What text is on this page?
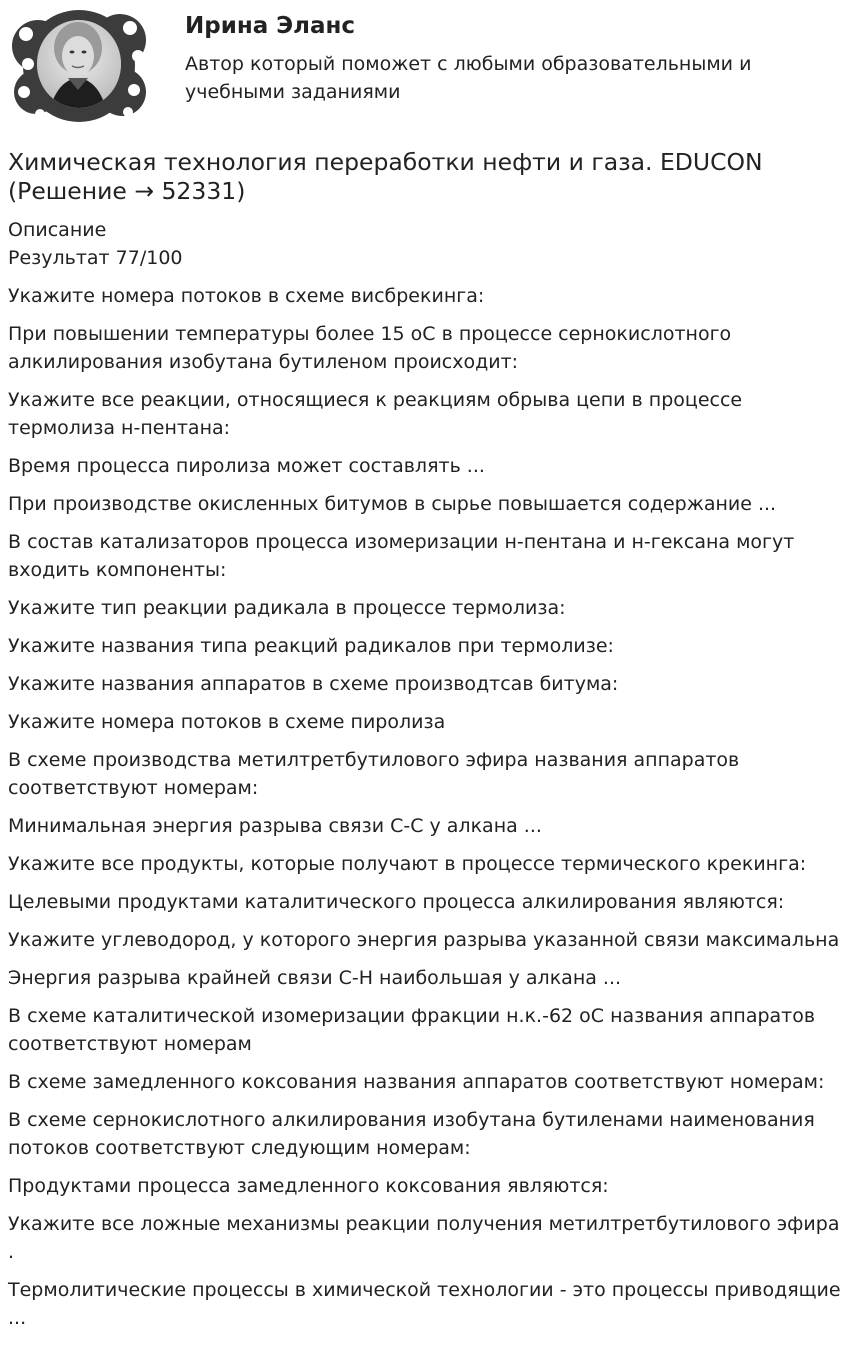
Ирина Эланс
Автор который поможет с любыми образовательными и учебными заданиями
Химическая технология переработки нефти и газа. EDUCON (Решение → 52331)
Описание
Результат 77/100
Укажите номера потоков в схеме висбрекинга:
При повышении температуры более 15 оС в процессе сернокислотного алкилирования изобутана бутиленом происходит:
Укажите все реакции, относящиеся к реакциям обрыва цепи в процессе термолиза н-пентана:
Время процесса пиролиза может составлять ...
При производстве окисленных битумов в сырье повышается содержание ...
В состав катализаторов процесса изомеризации н-пентана и н-гексана могут входить компоненты:
Укажите тип реакции радикала в процессе термолиза:
Укажите названия типа реакций радикалов при термолизе:
Укажите названия аппаратов в схеме производтсав битума:
Укажите номера потоков в схеме пиролиза
В схеме производства метилтретбутилового эфира названия аппаратов соответствуют номерам:
Минимальная энергия разрыва связи С-С у алкана ...
Укажите все продукты, которые получают в процессе термического крекинга:
Целевыми продуктами каталитического процесса алкилирования являются:
Укажите углеводород, у которого энергия разрыва указанной связи максимальна
Энергия разрыва крайней связи С-Н наибольшая у алкана ...
В схеме каталитической изомеризации фракции н.к.-62 оС названия аппаратов соответствуют номерам
В схеме замедленного коксования названия аппаратов соответствуют номерам:
В схеме сернокислотного алкилирования изобутана бутиленами наименования потоков соответствуют следующим номерам:
Продуктами процесса замедленного коксования являются:
Укажите все ложные механизмы реакции получения метилтретбутилового эфира .
Термолитические процессы в химической технологии - это процессы приводящие ...
